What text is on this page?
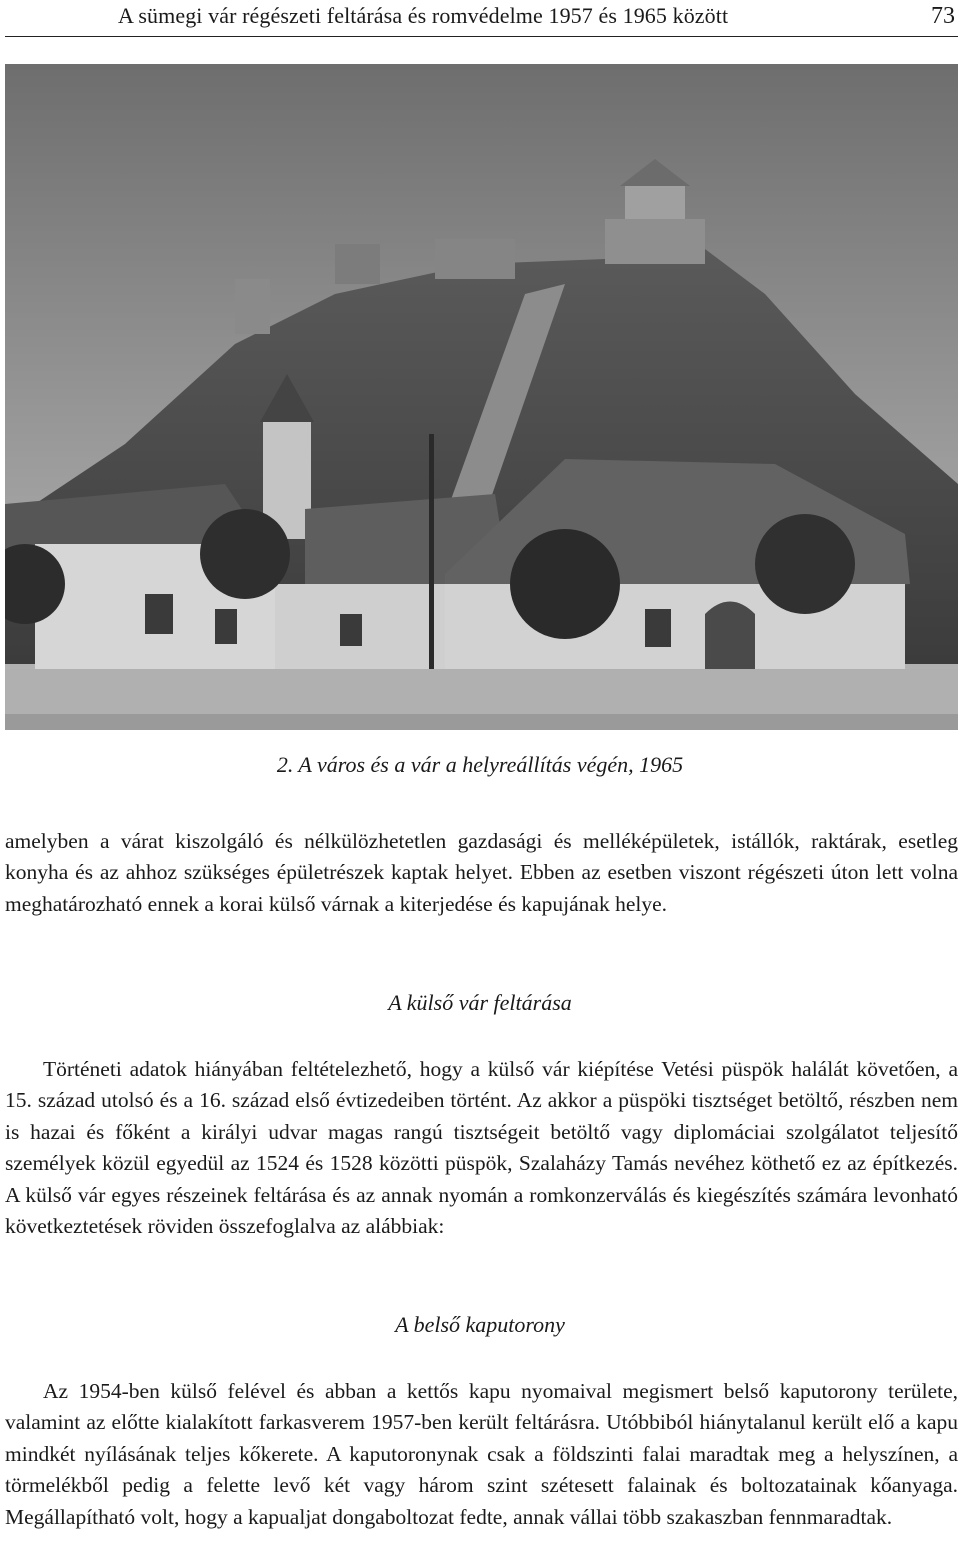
A sümegi vár régészeti feltárása és romvédelme 1957 és 1965 között	73
2. A város és a vár a helyreállítás végén, 1965

amelyben a várat kiszolgáló és nélkülözhetetlen gazdasági és melléképületek, istállók, raktárak, esetleg konyha és az ahhoz szükséges épületrészek kaptak helyet. Ebben az esetben viszont régészeti úton lett volna meghatározható ennek a korai külső várnak a kiterjedése és kapujának helye.

A külső vár feltárása

Történeti adatok hiányában feltételezhető, hogy a külső vár kiépítése Vetési püspök halálát követően, a 15. század utolsó és a 16. század első évtizedeiben történt. Az akkor a püspöki tisztséget betöltő, részben nem is hazai és főként a királyi udvar magas rangú tisztségeit betöltő vagy diplomáciai szolgálatot teljesítő személyek közül egyedül az 1524 és 1528 közötti püspök, Szalaházy Tamás nevéhez köthető ez az építkezés. A külső vár egyes részeinek feltárása és az annak nyomán a romkonzerválás és kiegészítés számára levonható következtetések röviden összefoglalva az alábbiak:

A belső kaputorony

Az 1954-ben külső felével és abban a kettős kapu nyomaival megismert belső kaputorony területe, valamint az előtte kialakított farkasverem 1957-ben került feltárásra. Utóbbiból hiánytalanul került elő a kapu mindkét nyílásának teljes kőkerete. A kaputoronynak csak a földszinti falai maradtak meg a helyszínen, a törmelékből pedig a felette levő két vagy három szint szétesett falainak és boltozatainak kőanyaga. Megállapítható volt, hogy a kapualjat dongaboltozat fedte, annak vállai több szakaszban fennmaradtak.
